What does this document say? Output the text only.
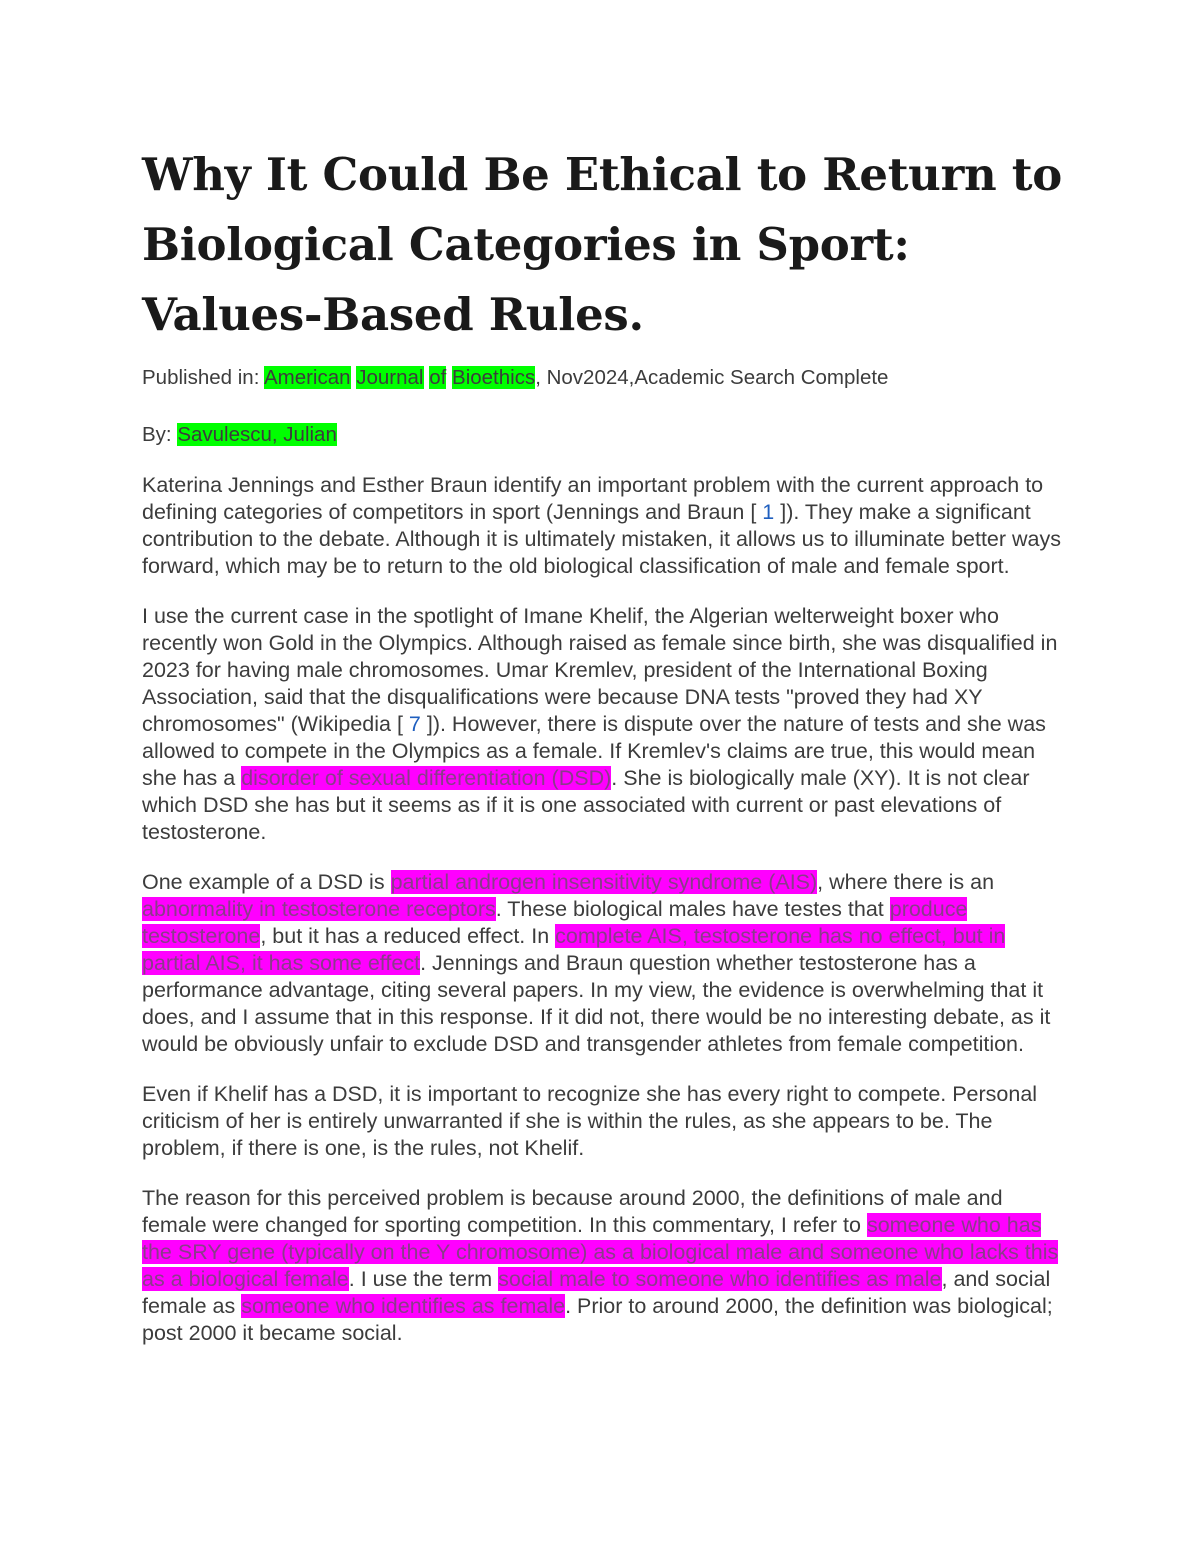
Why It Could Be Ethical to Return to Biological Categories in Sport: Values-Based Rules.

Published in: American Journal of Bioethics, Nov2024,Academic Search Complete

By: Savulescu, Julian

Katerina Jennings and Esther Braun identify an important problem with the current approach to defining categories of competitors in sport (Jennings and Braun [ 1 ]). They make a significant contribution to the debate. Although it is ultimately mistaken, it allows us to illuminate better ways forward, which may be to return to the old biological classification of male and female sport.

I use the current case in the spotlight of Imane Khelif, the Algerian welterweight boxer who recently won Gold in the Olympics. Although raised as female since birth, she was disqualified in 2023 for having male chromosomes. Umar Kremlev, president of the International Boxing Association, said that the disqualifications were because DNA tests "proved they had XY chromosomes" (Wikipedia [ 7 ]). However, there is dispute over the nature of tests and she was allowed to compete in the Olympics as a female. If Kremlev's claims are true, this would mean she has a disorder of sexual differentiation (DSD). She is biologically male (XY). It is not clear which DSD she has but it seems as if it is one associated with current or past elevations of testosterone.

One example of a DSD is partial androgen insensitivity syndrome (AIS), where there is an abnormality in testosterone receptors. These biological males have testes that produce testosterone, but it has a reduced effect. In complete AIS, testosterone has no effect, but in partial AIS, it has some effect. Jennings and Braun question whether testosterone has a performance advantage, citing several papers. In my view, the evidence is overwhelming that it does, and I assume that in this response. If it did not, there would be no interesting debate, as it would be obviously unfair to exclude DSD and transgender athletes from female competition.

Even if Khelif has a DSD, it is important to recognize she has every right to compete. Personal criticism of her is entirely unwarranted if she is within the rules, as she appears to be. The problem, if there is one, is the rules, not Khelif.

The reason for this perceived problem is because around 2000, the definitions of male and female were changed for sporting competition. In this commentary, I refer to someone who has the SRY gene (typically on the Y chromosome) as a biological male and someone who lacks this as a biological female. I use the term social male to someone who identifies as male, and social female as someone who identifies as female. Prior to around 2000, the definition was biological; post 2000 it became social.
